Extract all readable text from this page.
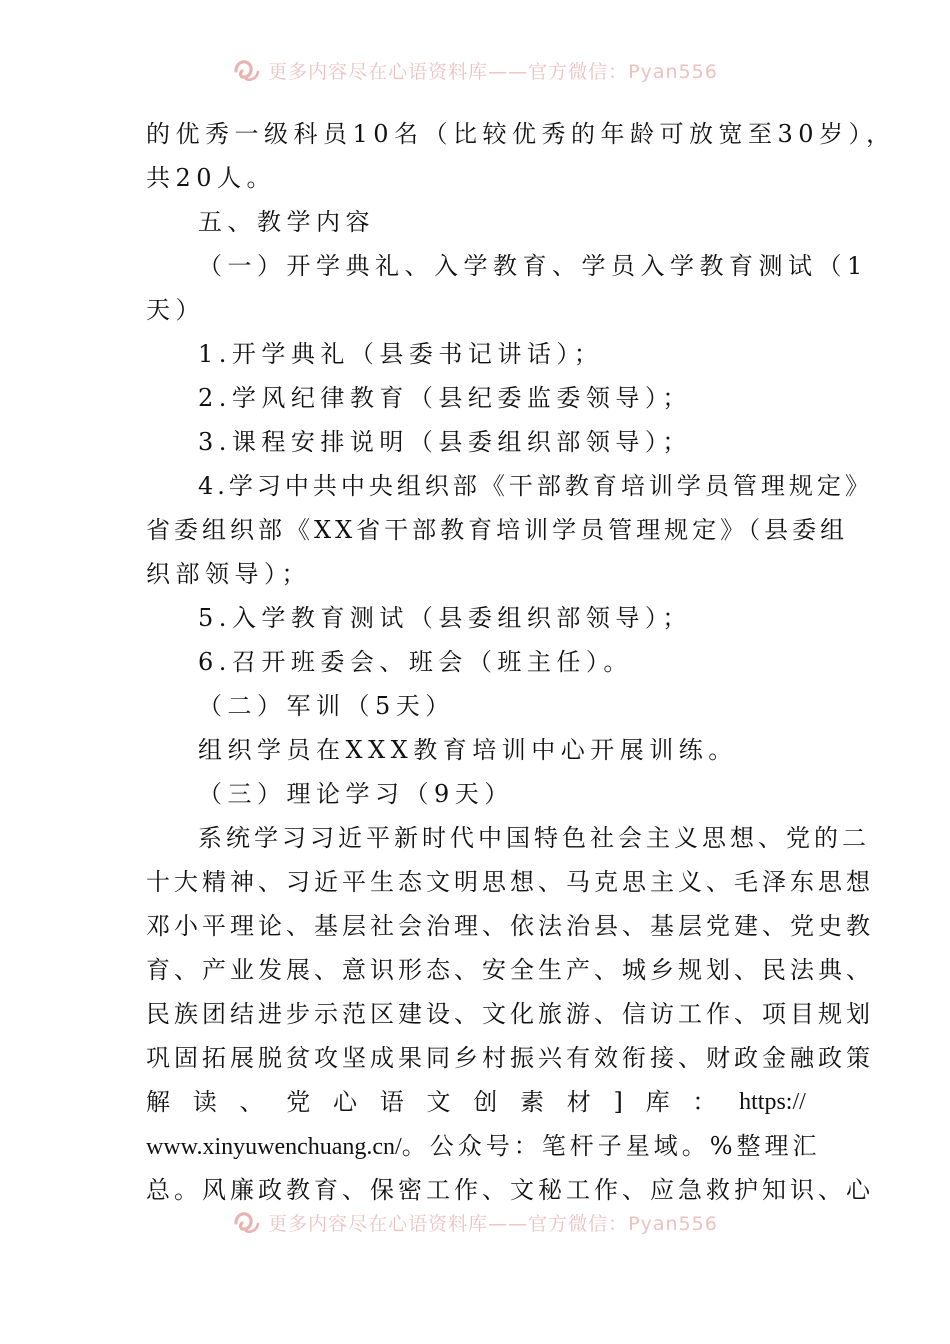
更多内容尽在心语资料库——官方微信：Pyan556
的优秀一级科员10名（比较优秀的年龄可放宽至30岁），
共20人。
五、教学内容
（一）开学典礼、入学教育、学员入学教育测试（1
天）
1.开学典礼（县委书记讲话）；
2.学风纪律教育（县纪委监委领导）；
3.课程安排说明（县委组织部领导）；
4.学习中共中央组织部《干部教育培训学员管理规定》
省委组织部《XX省干部教育培训学员管理规定》（县委组
织部领导）；
5.入学教育测试（县委组织部领导）；
6.召开班委会、班会（班主任）。
（二）军训（5天）
组织学员在XXX教育培训中心开展训练。
（三）理论学习（9天）
系统学习习近平新时代中国特色社会主义思想、党的二
十大精神、习近平生态文明思想、马克思主义、毛泽东思想
邓小平理论、基层社会治理、依法治县、基层党建、党史教
育、产业发展、意识形态、安全生产、城乡规划、民法典、
民族团结进步示范区建设、文化旅游、信访工作、项目规划
巩固拓展脱贫攻坚成果同乡村振兴有效衔接、财政金融政策
解 读 、 党 心 语 文 创 素 材 ] 库 ： https://
www.xinyuwenchuang.cn/。公众号：笔杆子星域。%整理汇
总。风廉政教育、保密工作、文秘工作、应急救护知识、心
更多内容尽在心语资料库——官方微信：Pyan556
